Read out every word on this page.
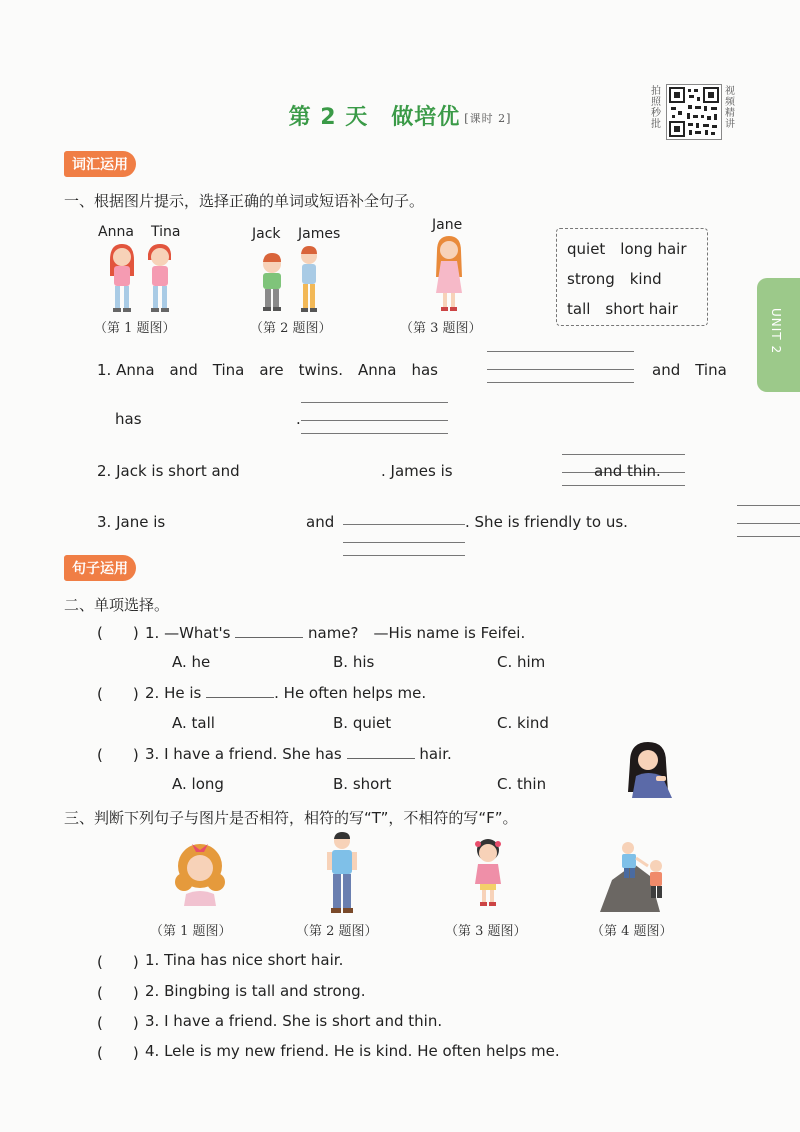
第 2 天　做培优 [课时 2]
拍照秒批
视频精讲
UNIT 2
词汇运用
一、根据图片提示，选择正确的单词或短语补全句子。
Anna Tina	Jack James
Jane
（第 1 题图）	（第 2 题图）	（第 3 题图）
quiet　long hair
strong　kind
tall　short hair
1. Anna　and　Tina　are　twins.　Anna　has
	and　Tina
has
	.
2. Jack is short and
	. James is
	and thin.
3. Jane is
	and	. She is friendly to us.
句子运用
二、单项选择。
(　　) 1. —What's	name?　—His name is Feifei.
A. he	B. his	C. him
(　　) 2. He is	. He often helps me.
A. tall	B. quiet	C. kind
(　　) 3. I have a friend. She has	hair.
A. long	B. short	C. thin
三、判断下列句子与图片是否相符，相符的写“T”，不相符的写“F”。
（第 1 题图）	（第 2 题图）	（第 3 题图）	（第 4 题图）
(　　) 1. Tina has nice short hair.
(　　) 2. Bingbing is tall and strong.
(　　) 3. I have a friend. She is short and thin.
(　　) 4. Lele is my new friend. He is kind. He often helps me.
